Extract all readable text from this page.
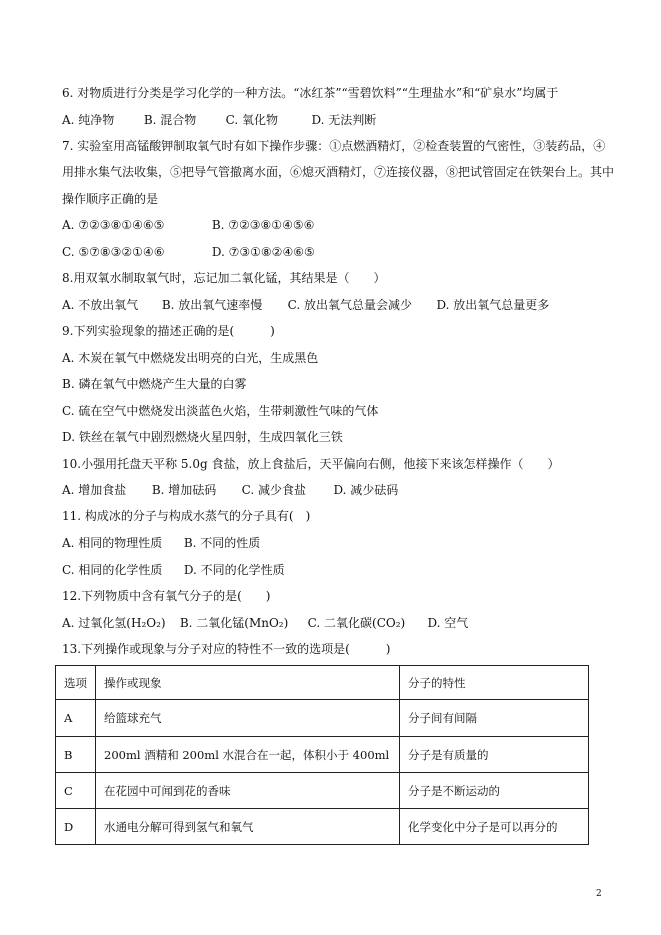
6. 对物质进行分类是学习化学的一种方法。“冰红茶”“雪碧饮料”“生理盐水”和“矿泉水”均属于
A. 纯净物 B. 混合物 C. 氧化物	D. 无法判断
7. 实验室用高锰酸钾制取氧气时有如下操作步骤：①点燃酒精灯，②检查装置的气密性，③装药品，④
用排水集气法收集，⑤把导气管撤离水面，⑥熄灭酒精灯，⑦连接仪器，⑧把试管固定在铁架台上。其中
操作顺序正确的是
A. ⑦②③⑧①④⑥⑤	B. ⑦②③⑧①④⑤⑥
C. ⑤⑦⑧③②①④⑥	D. ⑦③①⑧②④⑥⑤
8.用双氧水制取氧气时，忘记加二氧化锰，其结果是（　　）
A. 不放出氧气 B. 放出氧气速率慢 C. 放出氧气总量会减少 D. 放出氧气总量更多
9.下列实验现象的描述正确的是(　　　)
A. 木炭在氧气中燃烧发出明亮的白光，生成黑色
B. 磷在氧气中燃烧产生大量的白雾
C. 硫在空气中燃烧发出淡蓝色火焰，生带刺激性气味的气体
D. 铁丝在氧气中剧烈燃烧火星四射，生成四氧化三铁
10.小强用托盘天平称 5.0g 食盐，放上食盐后，天平偏向右侧，他接下来该怎样操作（　　）
A. 增加食盐 B. 增加砝码 C. 减少食盐 D. 减少砝码
11. 构成冰的分子与构成水蒸气的分子具有(　)
A. 相同的物理性质 B. 不同的性质
C. 相同的化学性质 D. 不同的化学性质
12.下列物质中含有氧气分子的是(　　)
A. 过氧化氢(H₂O₂) B. 二氧化锰(MnO₂) C. 二氧化碳(CO₂) D. 空气
13.下列操作或现象与分子对应的特性不一致的选项是(　　　)
选项	操作或现象	分子的特性
A	给篮球充气	分子间有间隔
B	200ml 酒精和 200ml 水混合在一起，体积小于 400ml	分子是有质量的
C	在花园中可闻到花的香味	分子是不断运动的
D	水通电分解可得到氢气和氧气	化学变化中分子是可以再分的
2
